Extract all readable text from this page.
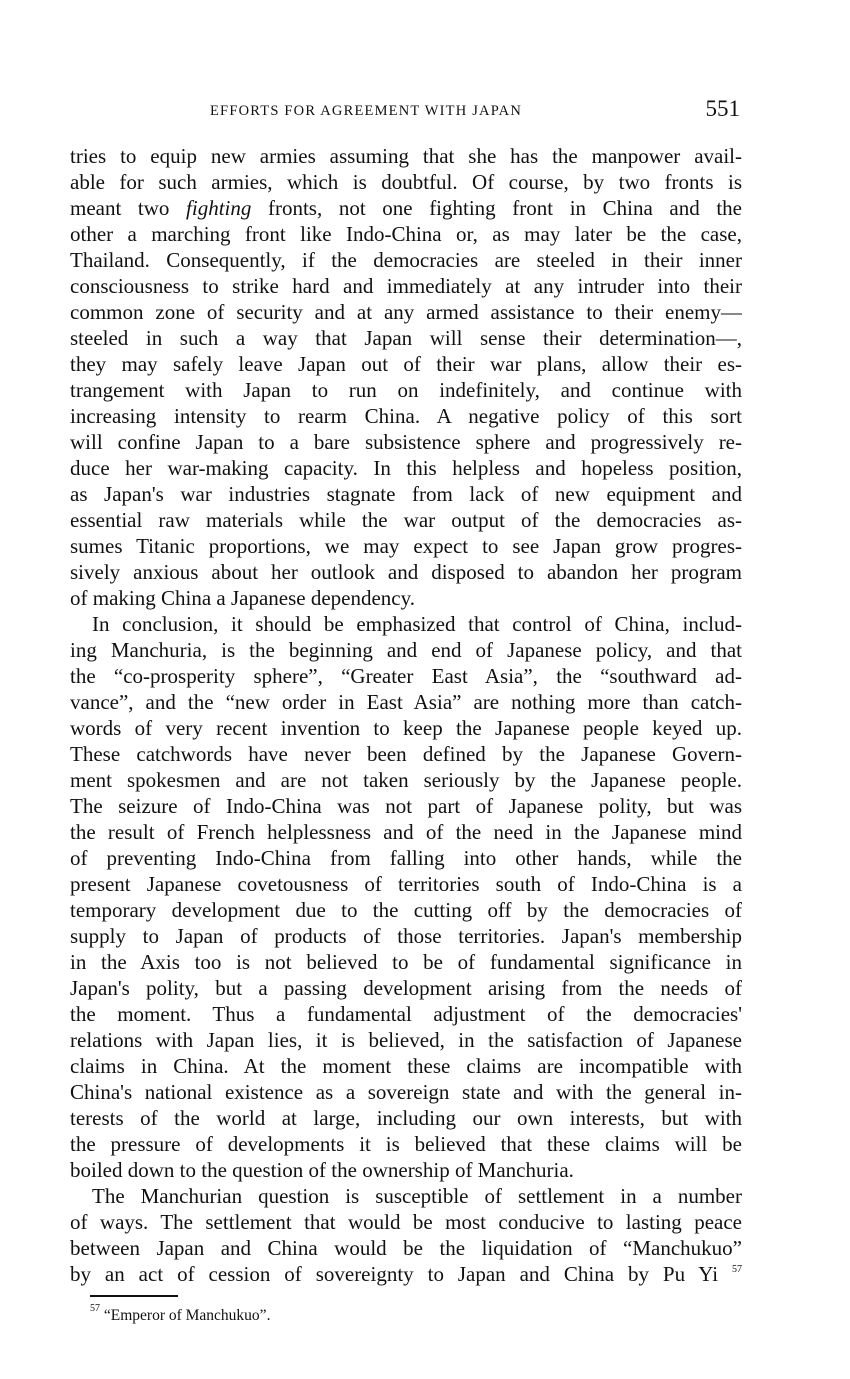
EFFORTS FOR AGREEMENT WITH JAPAN	551
tries to equip new armies assuming that she has the manpower avail-
able for such armies, which is doubtful. Of course, by two fronts is
meant two fighting fronts, not one fighting front in China and the
other a marching front like Indo-China or, as may later be the case,
Thailand. Consequently, if the democracies are steeled in their inner
consciousness to strike hard and immediately at any intruder into their
common zone of security and at any armed assistance to their enemy—
steeled in such a way that Japan will sense their determination—,
they may safely leave Japan out of their war plans, allow their es-
trangement with Japan to run on indefinitely, and continue with
increasing intensity to rearm China. A negative policy of this sort
will confine Japan to a bare subsistence sphere and progressively re-
duce her war-making capacity. In this helpless and hopeless position,
as Japan's war industries stagnate from lack of new equipment and
essential raw materials while the war output of the democracies as-
sumes Titanic proportions, we may expect to see Japan grow progres-
sively anxious about her outlook and disposed to abandon her program
of making China a Japanese dependency.
In conclusion, it should be emphasized that control of China, includ-
ing Manchuria, is the beginning and end of Japanese policy, and that
the “co-prosperity sphere”, “Greater East Asia”, the “southward ad-
vance”, and the “new order in East Asia” are nothing more than catch-
words of very recent invention to keep the Japanese people keyed up.
These catchwords have never been defined by the Japanese Govern-
ment spokesmen and are not taken seriously by the Japanese people.
The seizure of Indo-China was not part of Japanese polity, but was
the result of French helplessness and of the need in the Japanese mind
of preventing Indo-China from falling into other hands, while the
present Japanese covetousness of territories south of Indo-China is a
temporary development due to the cutting off by the democracies of
supply to Japan of products of those territories. Japan's membership
in the Axis too is not believed to be of fundamental significance in
Japan's polity, but a passing development arising from the needs of
the moment. Thus a fundamental adjustment of the democracies'
relations with Japan lies, it is believed, in the satisfaction of Japanese
claims in China. At the moment these claims are incompatible with
China's national existence as a sovereign state and with the general in-
terests of the world at large, including our own interests, but with
the pressure of developments it is believed that these claims will be
boiled down to the question of the ownership of Manchuria.
The Manchurian question is susceptible of settlement in a number
of ways. The settlement that would be most conducive to lasting peace
between Japan and China would be the liquidation of “Manchukuo”
by an act of cession of sovereignty to Japan and China by Pu Yi $^{57}$
$^{57}$ “Emperor of Manchukuo”.
